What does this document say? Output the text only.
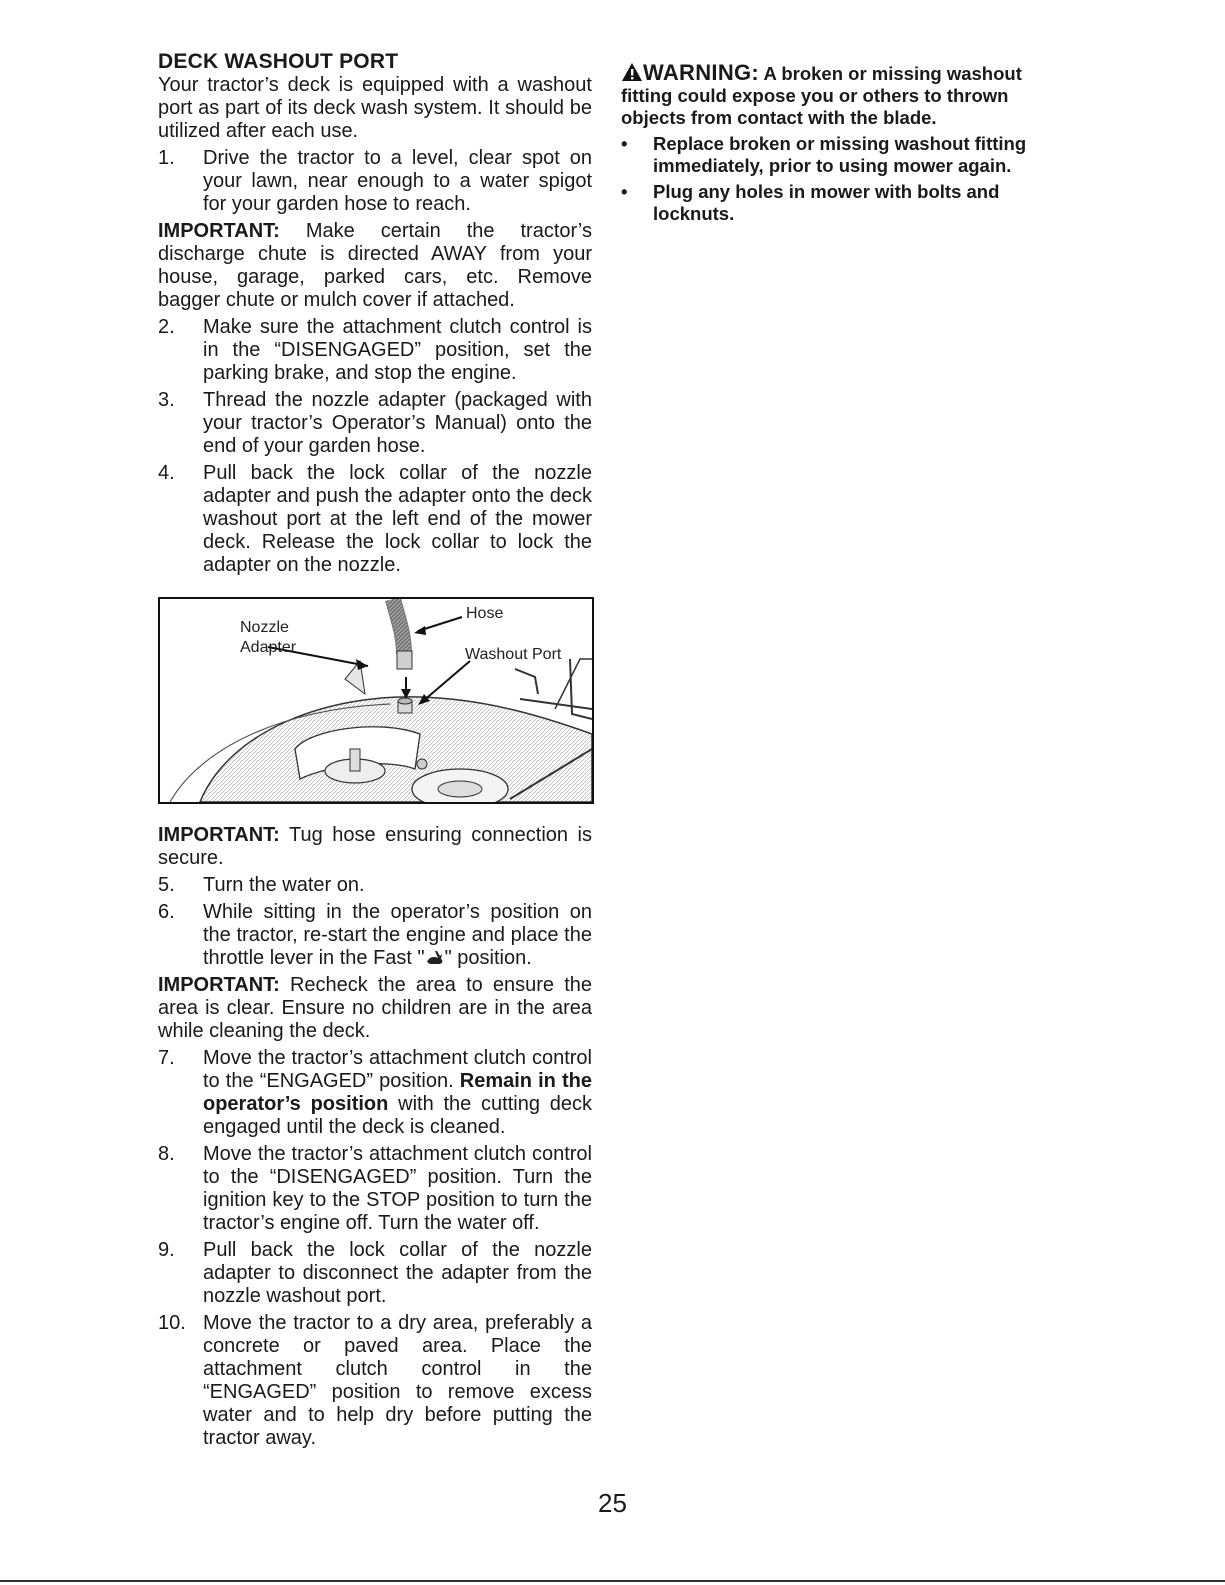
DECK WASHOUT PORT

Your tractor’s deck is equipped with a washout port as part of its deck wash system. It should be utilized after each use.

1.	Drive the tractor to a level, clear spot on your lawn, near enough to a water spigot for your garden hose to reach.

IMPORTANT: Make certain the tractor’s discharge chute is directed AWAY from your house, garage, parked cars, etc. Remove bagger chute or mulch cover if attached.

2.	Make sure the attachment clutch control is in the “DISENGAGED” position, set the parking brake, and stop the engine.
3.	Thread the nozzle adapter (packaged with your tractor’s Operator’s Manual) onto the end of your garden hose.
4.	Pull back the lock collar of the nozzle adapter and push the adapter onto the deck washout port at the left end of the mower deck. Release the lock collar to lock the adapter on the nozzle.
Nozzle
Adapter
Hose
Washout Port

IMPORTANT: Tug hose ensuring connection is secure.

5.	Turn the water on.
6.	While sitting in the operator’s position on the tractor, re-start the engine and place the throttle lever in the Fast " " position.

IMPORTANT: Recheck the area to ensure the area is clear. Ensure no children are in the area while cleaning the deck.

7.	Move the tractor’s attachment clutch control to the “ENGAGED” position. Remain in the operator’s position with the cutting deck engaged until the deck is cleaned.
8.	Move the tractor’s attachment clutch control to the “DISENGAGED” position. Turn the ignition key to the STOP position to turn the tractor’s engine off. Turn the water off.
9.	Pull back the lock collar of the nozzle adapter to disconnect the adapter from the nozzle washout port.
10. Move the tractor to a dry area, preferably a concrete or paved area. Place the attachment clutch control in the “ENGAGED” position to remove excess water and to help dry before putting the tractor away.

WARNING: A broken or missing washout fitting could expose you or others to thrown objects from contact with the blade.

•	Replace broken or missing washout fitting immediately, prior to using mower again.
•	Plug any holes in mower with bolts and locknuts.
25
